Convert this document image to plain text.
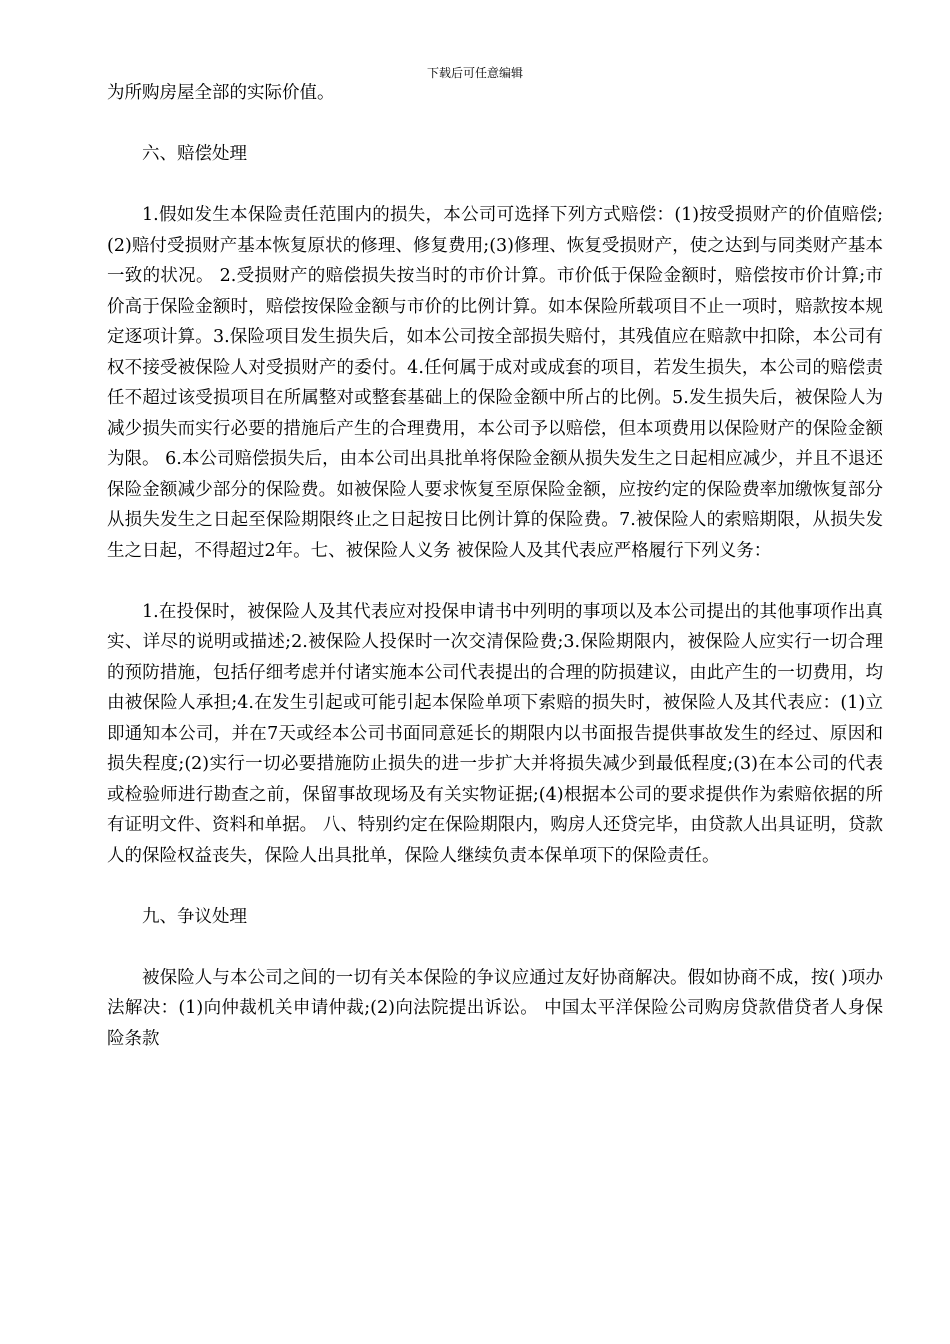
下载后可任意编辑

为所购房屋全部的实际价值。

六、赔偿处理

1.假如发生本保险责任范围内的损失，本公司可选择下列方式赔偿：(1)按受损财产的价值赔偿;(2)赔付受损财产基本恢复原状的修理、修复费用;(3)修理、恢复受损财产，使之达到与同类财产基本一致的状况。 2.受损财产的赔偿损失按当时的市价计算。市价低于保险金额时，赔偿按市价计算;市价高于保险金额时，赔偿按保险金额与市价的比例计算。如本保险所载项目不止一项时，赔款按本规定逐项计算。3.保险项目发生损失后，如本公司按全部损失赔付，其残值应在赔款中扣除，本公司有权不接受被保险人对受损财产的委付。4.任何属于成对或成套的项目，若发生损失，本公司的赔偿责任不超过该受损项目在所属整对或整套基础上的保险金额中所占的比例。5.发生损失后，被保险人为减少损失而实行必要的措施后产生的合理费用，本公司予以赔偿，但本项费用以保险财产的保险金额为限。 6.本公司赔偿损失后，由本公司出具批单将保险金额从损失发生之日起相应减少，并且不退还保险金额减少部分的保险费。如被保险人要求恢复至原保险金额，应按约定的保险费率加缴恢复部分从损失发生之日起至保险期限终止之日起按日比例计算的保险费。7.被保险人的索赔期限，从损失发生之日起，不得超过2年。七、被保险人义务 被保险人及其代表应严格履行下列义务：

1.在投保时，被保险人及其代表应对投保申请书中列明的事项以及本公司提出的其他事项作出真实、详尽的说明或描述;2.被保险人投保时一次交清保险费;3.保险期限内，被保险人应实行一切合理的预防措施，包括仔细考虑并付诸实施本公司代表提出的合理的防损建议，由此产生的一切费用，均由被保险人承担;4.在发生引起或可能引起本保险单项下索赔的损失时，被保险人及其代表应：(1)立即通知本公司，并在7天或经本公司书面同意延长的期限内以书面报告提供事故发生的经过、原因和损失程度;(2)实行一切必要措施防止损失的进一步扩大并将损失减少到最低程度;(3)在本公司的代表或检验师进行勘查之前，保留事故现场及有关实物证据;(4)根据本公司的要求提供作为索赔依据的所有证明文件、资料和单据。 八、特别约定在保险期限内，购房人还贷完毕，由贷款人出具证明，贷款人的保险权益丧失，保险人出具批单，保险人继续负责本保单项下的保险责任。

九、争议处理

被保险人与本公司之间的一切有关本保险的争议应通过友好协商解决。假如协商不成，按( )项办法解决：(1)向仲裁机关申请仲裁;(2)向法院提出诉讼。 中国太平洋保险公司购房贷款借贷者人身保险条款
